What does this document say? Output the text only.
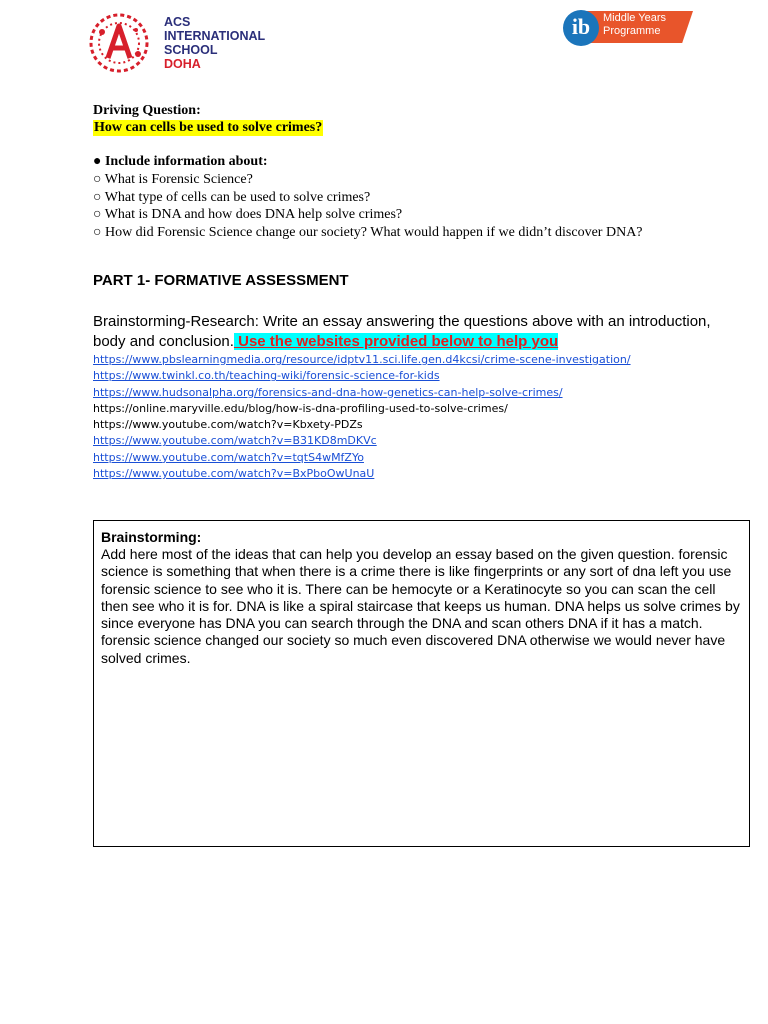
ACS
INTERNATIONAL
SCHOOL
DOHA
ib	Middle Years
Programme
Driving Question:
How can cells be used to solve crimes?
● Include information about:
○ What is Forensic Science?
○ What type of cells can be used to solve crimes?
○ What is DNA and how does DNA help solve crimes?
○ How did Forensic Science change our society? What would happen if we didn’t discover DNA?
PART 1- FORMATIVE ASSESSMENT
Brainstorming-Research: Write an essay answering the questions above with an introduction, body and conclusion. Use the websites provided below to help you
https://www.pbslearningmedia.org/resource/idptv11.sci.life.gen.d4kcsi/crime-scene-investigation/
https://www.twinkl.co.th/teaching-wiki/forensic-science-for-kids
https://www.hudsonalpha.org/forensics-and-dna-how-genetics-can-help-solve-crimes/
https://online.maryville.edu/blog/how-is-dna-profiling-used-to-solve-crimes/
https://www.youtube.com/watch?v=Kbxety-PDZs
https://www.youtube.com/watch?v=B31KD8mDKVc
https://www.youtube.com/watch?v=tqtS4wMfZYo
https://www.youtube.com/watch?v=BxPboOwUnaU
Brainstorming:
Add here most of the ideas that can help you develop an essay based on the given question. forensic science is something that when there is a crime there is like fingerprints or any sort of dna left you use forensic science to see who it is. There can be hemocyte or a Keratinocyte so you can scan the cell then see who it is for. DNA is like a spiral staircase that keeps us human. DNA helps us solve crimes by since everyone has DNA you can search through the DNA and scan others DNA if it has a match. forensic science changed our society so much even discovered DNA otherwise we would never have solved crimes.
